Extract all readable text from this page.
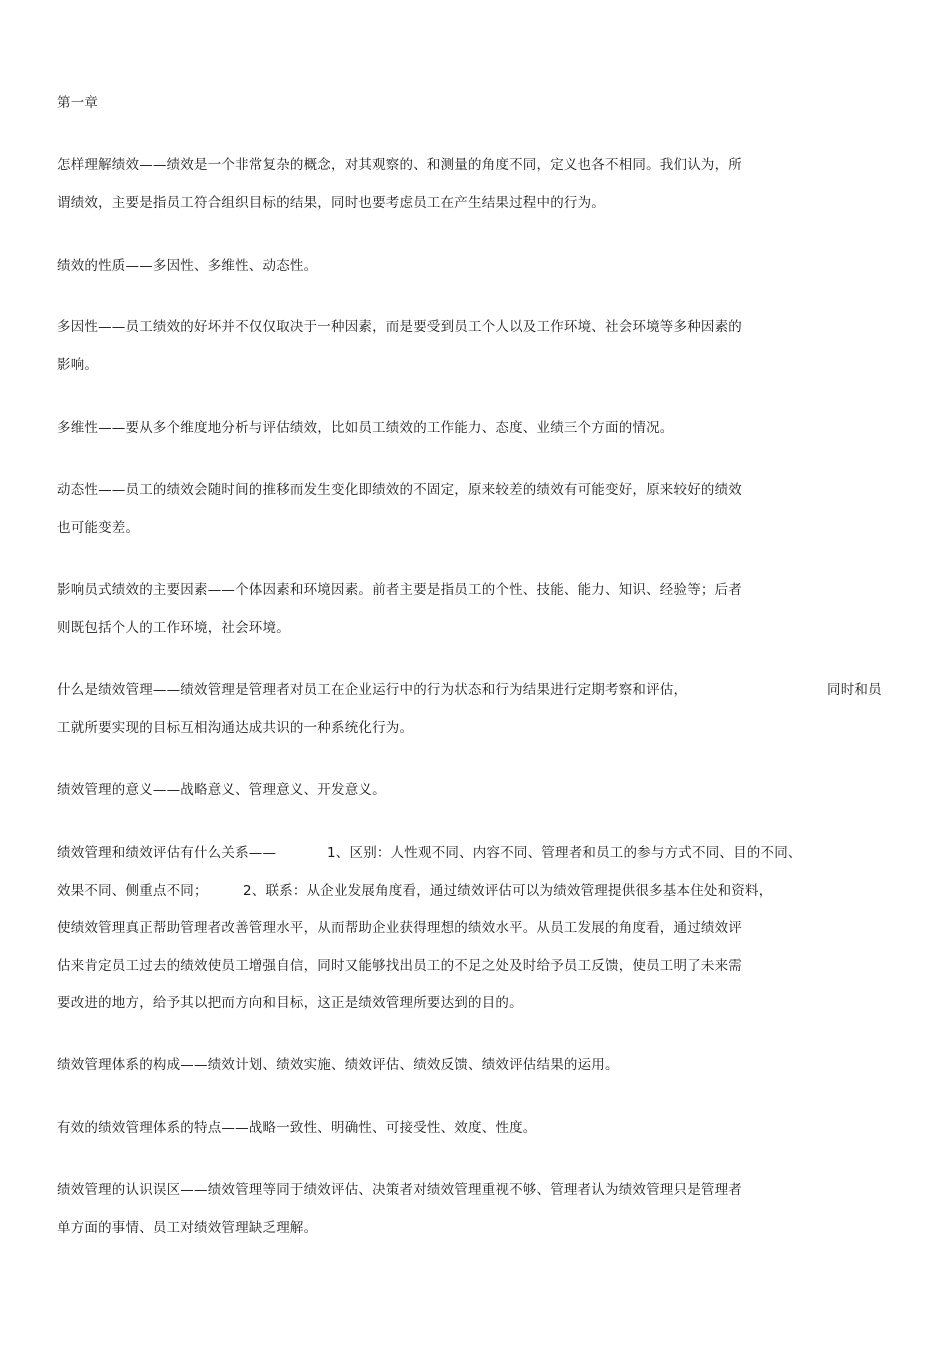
第一章
怎样理解绩效——绩效是一个非常复杂的概念，对其观察的、和测量的角度不同，定义也各不相同。我们认为，所
谓绩效，主要是指员工符合组织目标的结果，同时也要考虑员工在产生结果过程中的行为。
绩效的性质——多因性、多维性、动态性。
多因性——员工绩效的好坏并不仅仅取决于一种因素，而是要受到员工个人以及工作环境、社会环境等多种因素的
影响。
多维性——要从多个维度地分析与评估绩效，比如员工绩效的工作能力、态度、业绩三个方面的情况。
动态性——员工的绩效会随时间的推移而发生变化即绩效的不固定，原来较差的绩效有可能变好，原来较好的绩效
也可能变差。
影响员式绩效的主要因素——个体因素和环境因素。前者主要是指员工的个性、技能、能力、知识、经验等；后者
则既包括个人的工作环境，社会环境。
什么是绩效管理——绩效管理是管理者对员工在企业运行中的行为状态和行为结果进行定期考察和评估，	同时和员
工就所要实现的目标互相沟通达成共识的一种系统化行为。
绩效管理的意义——战略意义、管理意义、开发意义。
绩效管理和绩效评估有什么关系——	1、区别：人性观不同、内容不同、管理者和员工的参与方式不同、目的不同、
效果不同、侧重点不同；	2、联系：从企业发展角度看，通过绩效评估可以为绩效管理提供很多基本住处和资料，
使绩效管理真正帮助管理者改善管理水平，从而帮助企业获得理想的绩效水平。从员工发展的角度看，通过绩效评
估来肯定员工过去的绩效使员工增强自信，同时又能够找出员工的不足之处及时给予员工反馈，使员工明了未来需
要改进的地方，给予其以把而方向和目标，这正是绩效管理所要达到的目的。
绩效管理体系的构成——绩效计划、绩效实施、绩效评估、绩效反馈、绩效评估结果的运用。
有效的绩效管理体系的特点——战略一致性、明确性、可接受性、效度、性度。
绩效管理的认识误区——绩效管理等同于绩效评估、决策者对绩效管理重视不够、管理者认为绩效管理只是管理者
单方面的事情、员工对绩效管理缺乏理解。
